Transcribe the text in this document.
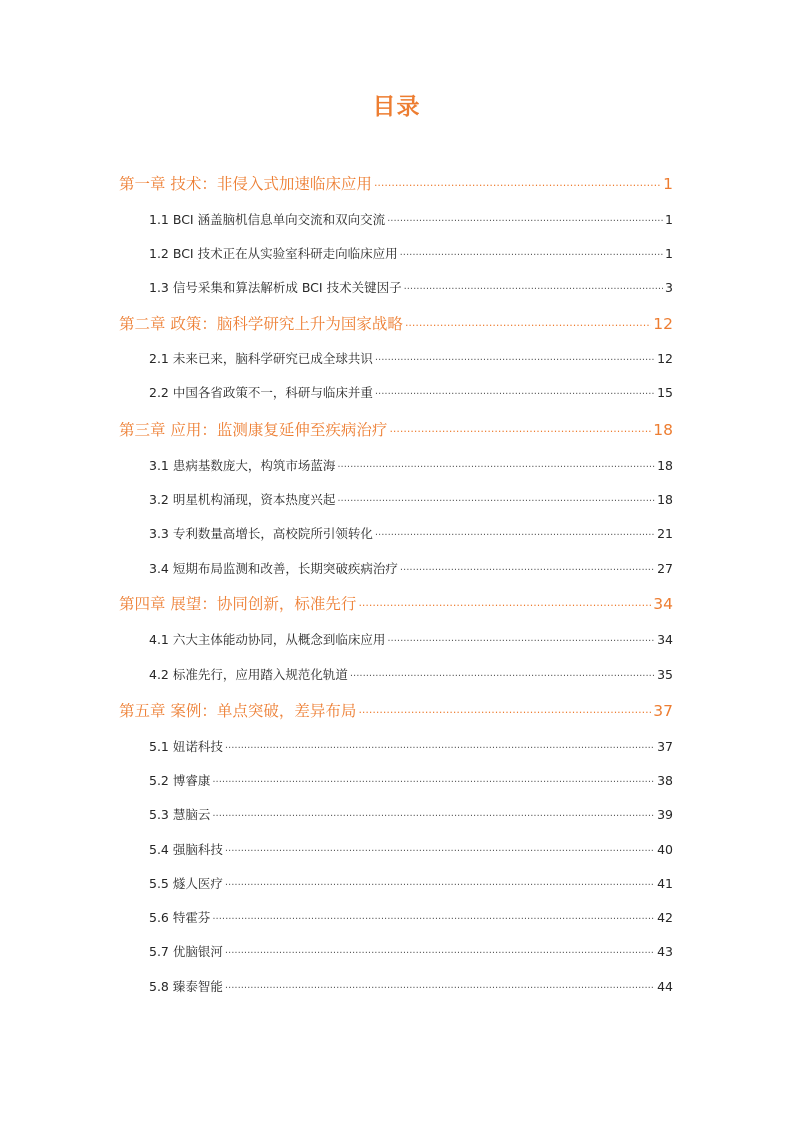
目录
第一章 技术：非侵入式加速临床应用 ·····	1
1.1 BCI 涵盖脑机信息单向交流和双向交流 ·····	1
1.2 BCI 技术正在从实验室科研走向临床应用 ·····	1
1.3 信号采集和算法解析成 BCI 技术关键因子 ·····	3
第二章 政策：脑科学研究上升为国家战略 ·····	12
2.1 未来已来，脑科学研究已成全球共识 ·····	12
2.2 中国各省政策不一，科研与临床并重 ·····	15
第三章 应用：监测康复延伸至疾病治疗 ·····	18
3.1 患病基数庞大，构筑市场蓝海 ·····	18
3.2 明星机构涌现，资本热度兴起 ·····	18
3.3 专利数量高增长，高校院所引领转化 ·····	21
3.4 短期布局监测和改善，长期突破疾病治疗 ·····	27
第四章 展望：协同创新，标准先行 ·····	34
4.1 六大主体能动协同，从概念到临床应用 ·····	34
4.2 标准先行，应用踏入规范化轨道 ·····	35
第五章 案例：单点突破，差异布局 ·····	37
5.1 妞诺科技 ·····	37
5.2 博睿康 ·····	38
5.3 慧脑云 ·····	39
5.4 强脑科技 ·····	40
5.5 燧人医疗 ·····	41
5.6 特霍芬 ·····	42
5.7 优脑银河 ·····	43
5.8 臻泰智能 ·····	44
